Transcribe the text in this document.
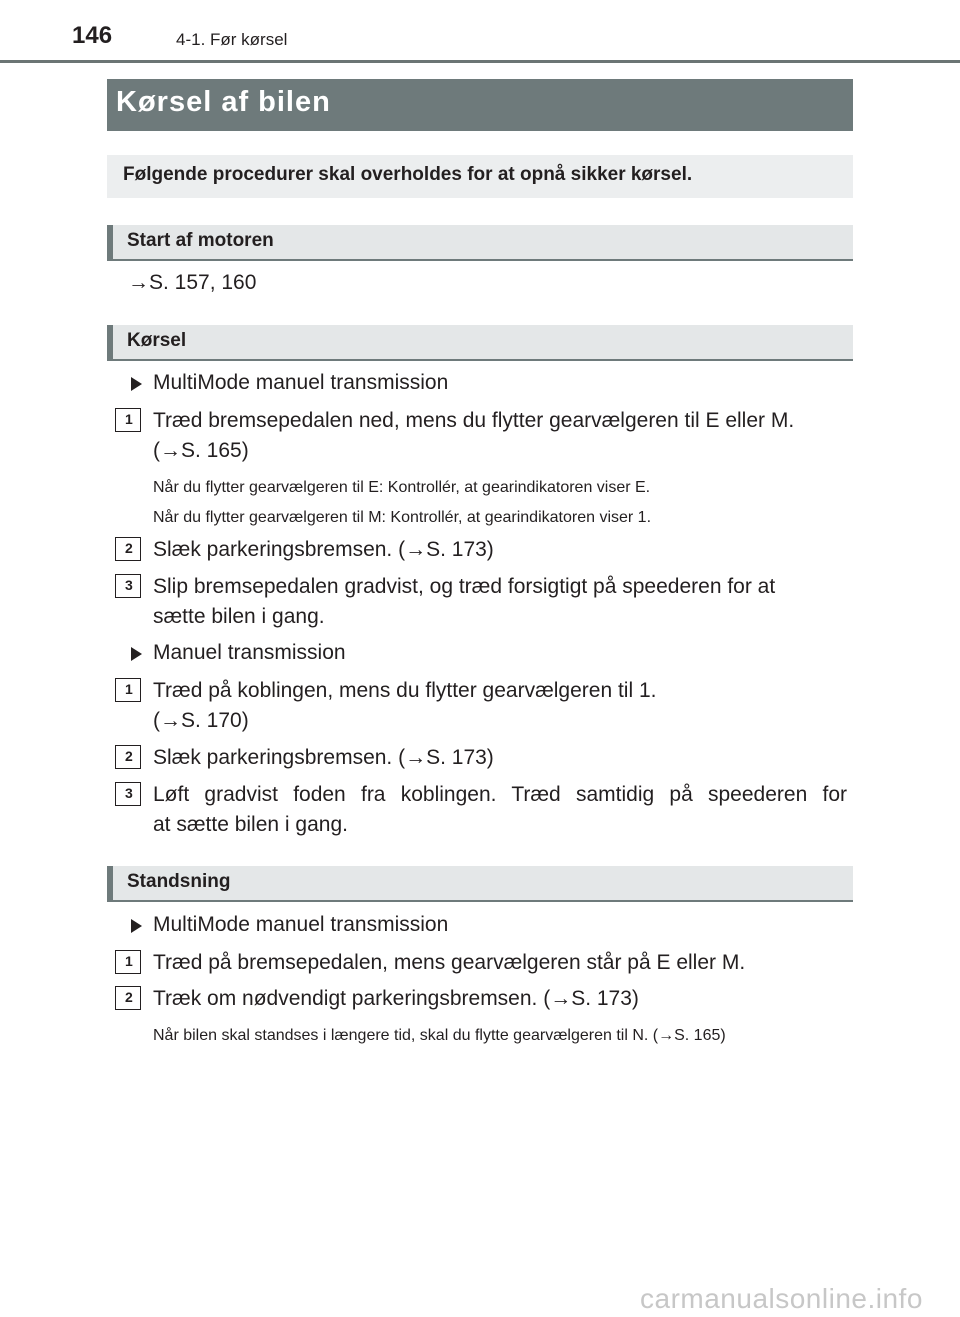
146	4-1. Før kørsel
Kørsel af bilen
Følgende procedurer skal overholdes for at opnå sikker kørsel.
Start af motoren
→S. 157, 160
Kørsel
MultiMode manuel transmission
1 Træd bremsepedalen ned, mens du flytter gearvælgeren til E eller M.
(→S. 165)
Når du flytter gearvælgeren til E: Kontrollér, at gearindikatoren viser E.
Når du flytter gearvælgeren til M: Kontrollér, at gearindikatoren viser 1.
2 Slæk parkeringsbremsen. (→S. 173)
3 Slip bremsepedalen gradvist, og træd forsigtigt på speederen for at
sætte bilen i gang.
Manuel transmission
1 Træd på koblingen, mens du flytter gearvælgeren til 1.
(→S. 170)
2 Slæk parkeringsbremsen. (→S. 173)
3 Løft gradvist foden fra koblingen. Træd samtidig på speederen for
at sætte bilen i gang.
Standsning
MultiMode manuel transmission
1 Træd på bremsepedalen, mens gearvælgeren står på E eller M.
2 Træk om nødvendigt parkeringsbremsen. (→S. 173)
Når bilen skal standses i længere tid, skal du flytte gearvælgeren til N. (→S. 165)
carmanualsonline.info
